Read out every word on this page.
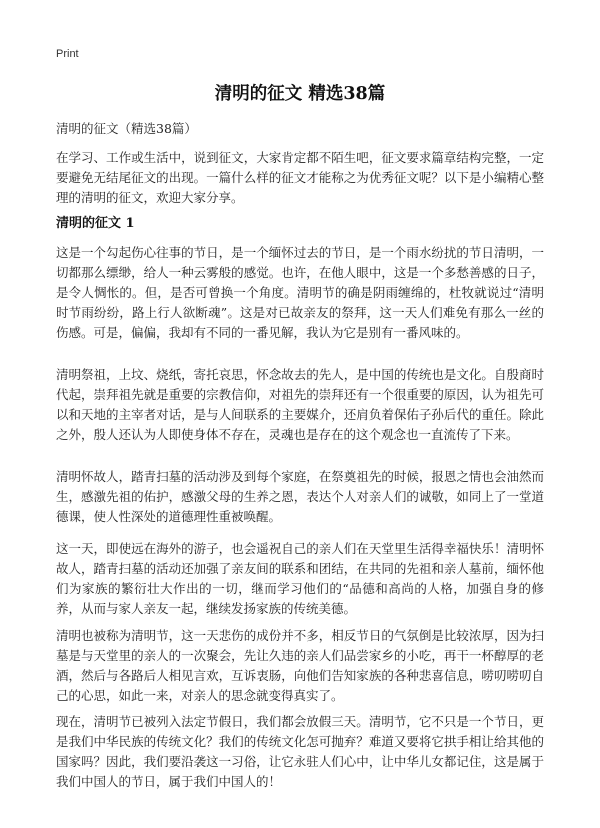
Print
清明的征文 精选38篇

清明的征文（精选38篇）

在学习、工作或生活中，说到征文，大家肯定都不陌生吧，征文要求篇章结构完整，一定要避免无结尾征文的出现。一篇什么样的征文才能称之为优秀征文呢？以下是小编精心整理的清明的征文，欢迎大家分享。

清明的征文 1

这是一个勾起伤心往事的节日，是一个缅怀过去的节日，是一个雨水纷扰的节日清明，一切都那么缥缈，给人一种云雾般的感觉。也许，在他人眼中，这是一个多愁善感的日子，是令人惆怅的。但，是否可曾换一个角度。清明节的确是阴雨缠绵的，杜牧就说过“清明时节雨纷纷，路上行人欲断魂”。这是对已故亲友的祭拜，这一天人们难免有那么一丝的伤感。可是，偏偏，我却有不同的一番见解，我认为它是别有一番风味的。

清明祭祖，上坟、烧纸，寄托哀思，怀念故去的先人，是中国的传统也是文化。自殷商时代起，崇拜祖先就是重要的宗教信仰，对祖先的崇拜还有一个很重要的原因，认为祖先可以和天地的主宰者对话，是与人间联系的主要媒介，还肩负着保佑子孙后代的重任。除此之外，殷人还认为人即使身体不存在，灵魂也是存在的这个观念也一直流传了下来。

清明怀故人，踏青扫墓的活动涉及到每个家庭，在祭奠祖先的时候，报恩之情也会油然而生，感激先祖的佑护，感激父母的生养之恩，表达个人对亲人们的诚敬，如同上了一堂道德课，使人性深处的道德理性重被唤醒。

这一天，即使远在海外的游子，也会遥祝自己的亲人们在天堂里生活得幸福快乐！清明怀故人，踏青扫墓的活动还加强了亲友间的联系和团结，在共同的先祖和亲人墓前，缅怀他们为家族的繁衍壮大作出的一切，继而学习他们的“品德和高尚的人格，加强自身的修养，从而与家人亲友一起，继续发扬家族的传统美德。

清明也被称为清明节，这一天悲伤的成份并不多，相反节日的气氛倒是比较浓厚，因为扫墓是与天堂里的亲人的一次聚会，先让久违的亲人们品尝家乡的小吃，再干一杯醇厚的老酒，然后与各路后人相见言欢，互诉衷肠，向他们告知家族的各种悲喜信息，唠叨唠叨自己的心思，如此一来，对亲人的思念就变得真实了。

现在，清明节已被列入法定节假日，我们都会放假三天。清明节，它不只是一个节日，更是我们中华民族的传统文化？我们的传统文化怎可抛弃？难道又要将它拱手相让给其他的国家吗？因此，我们要沿袭这一习俗，让它永驻人们心中，让中华儿女都记住，这是属于我们中国人的节日，属于我们中国人的！
